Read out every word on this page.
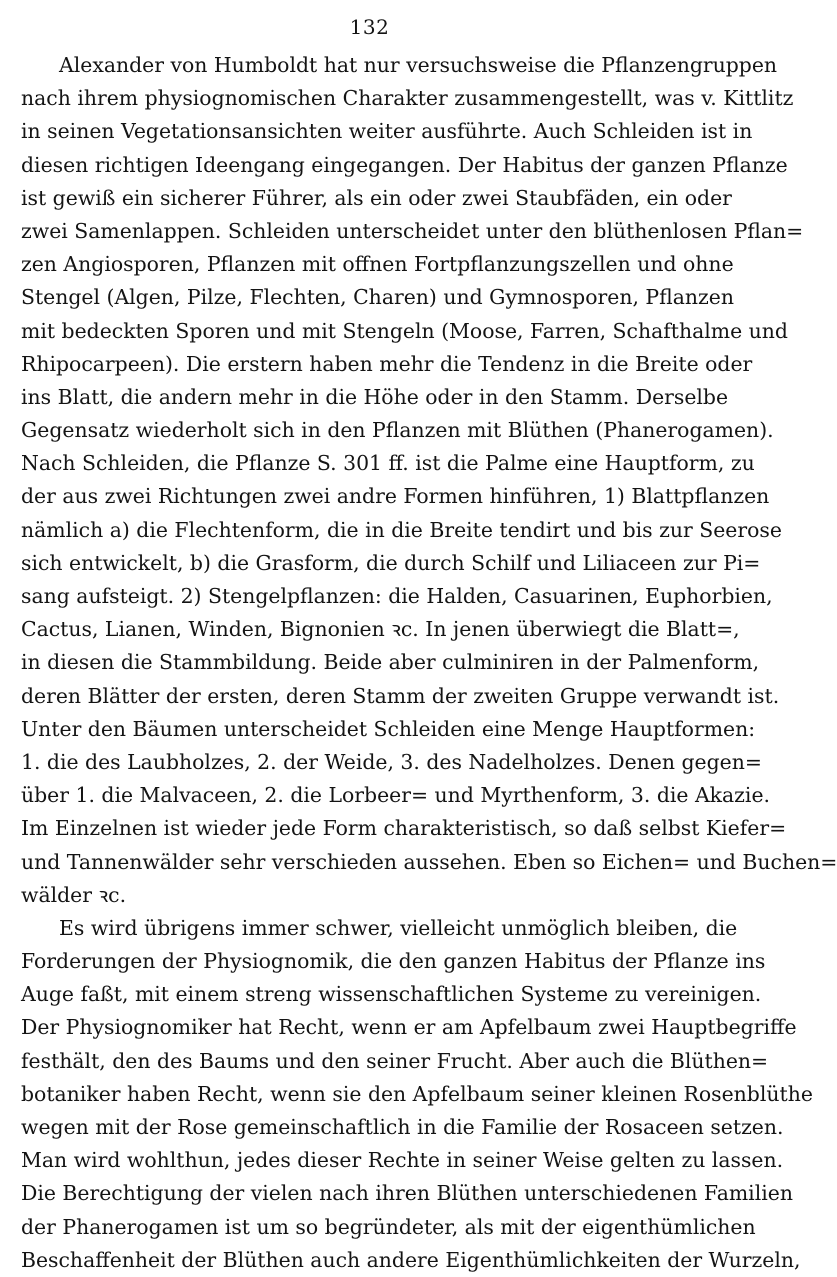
132
Alexander von Humboldt hat nur versuchsweise die Pflanzengruppen
nach ihrem physiognomischen Charakter zusammengestellt, was v. Kittlitz
in seinen Vegetationsansichten weiter ausführte. Auch Schleiden ist in
diesen richtigen Ideengang eingegangen. Der Habitus der ganzen Pflanze
ist gewiß ein sicherer Führer, als ein oder zwei Staubfäden, ein oder
zwei Samenlappen. Schleiden unterscheidet unter den blüthenlosen Pflan=
zen Angiosporen, Pflanzen mit offnen Fortpflanzungszellen und ohne
Stengel (Algen, Pilze, Flechten, Charen) und Gymnosporen, Pflanzen
mit bedeckten Sporen und mit Stengeln (Moose, Farren, Schafthalme und
Rhipocarpeen). Die erstern haben mehr die Tendenz in die Breite oder
ins Blatt, die andern mehr in die Höhe oder in den Stamm. Derselbe
Gegensatz wiederholt sich in den Pflanzen mit Blüthen (Phanerogamen).
Nach Schleiden, die Pflanze S. 301 ff. ist die Palme eine Hauptform, zu
der aus zwei Richtungen zwei andre Formen hinführen, 1) Blattpflanzen
nämlich a) die Flechtenform, die in die Breite tendirt und bis zur Seerose
sich entwickelt, b) die Grasform, die durch Schilf und Liliaceen zur Pi=
sang aufsteigt. 2) Stengelpflanzen: die Halden, Casuarinen, Euphorbien,
Cactus, Lianen, Winden, Bignonien ꝛc. In jenen überwiegt die Blatt=,
in diesen die Stammbildung. Beide aber culminiren in der Palmenform,
deren Blätter der ersten, deren Stamm der zweiten Gruppe verwandt ist.
Unter den Bäumen unterscheidet Schleiden eine Menge Hauptformen:
1. die des Laubholzes, 2. der Weide, 3. des Nadelholzes. Denen gegen=
über 1. die Malvaceen, 2. die Lorbeer= und Myrthenform, 3. die Akazie.
Im Einzelnen ist wieder jede Form charakteristisch, so daß selbst Kiefer=
und Tannenwälder sehr verschieden aussehen. Eben so Eichen= und Buchen=
wälder ꝛc.
Es wird übrigens immer schwer, vielleicht unmöglich bleiben, die
Forderungen der Physiognomik, die den ganzen Habitus der Pflanze ins
Auge faßt, mit einem streng wissenschaftlichen Systeme zu vereinigen.
Der Physiognomiker hat Recht, wenn er am Apfelbaum zwei Hauptbegriffe
festhält, den des Baums und den seiner Frucht. Aber auch die Blüthen=
botaniker haben Recht, wenn sie den Apfelbaum seiner kleinen Rosenblüthe
wegen mit der Rose gemeinschaftlich in die Familie der Rosaceen setzen.
Man wird wohlthun, jedes dieser Rechte in seiner Weise gelten zu lassen.
Die Berechtigung der vielen nach ihren Blüthen unterschiedenen Familien
der Phanerogamen ist um so begründeter, als mit der eigenthümlichen
Beschaffenheit der Blüthen auch andere Eigenthümlichkeiten der Wurzeln,
